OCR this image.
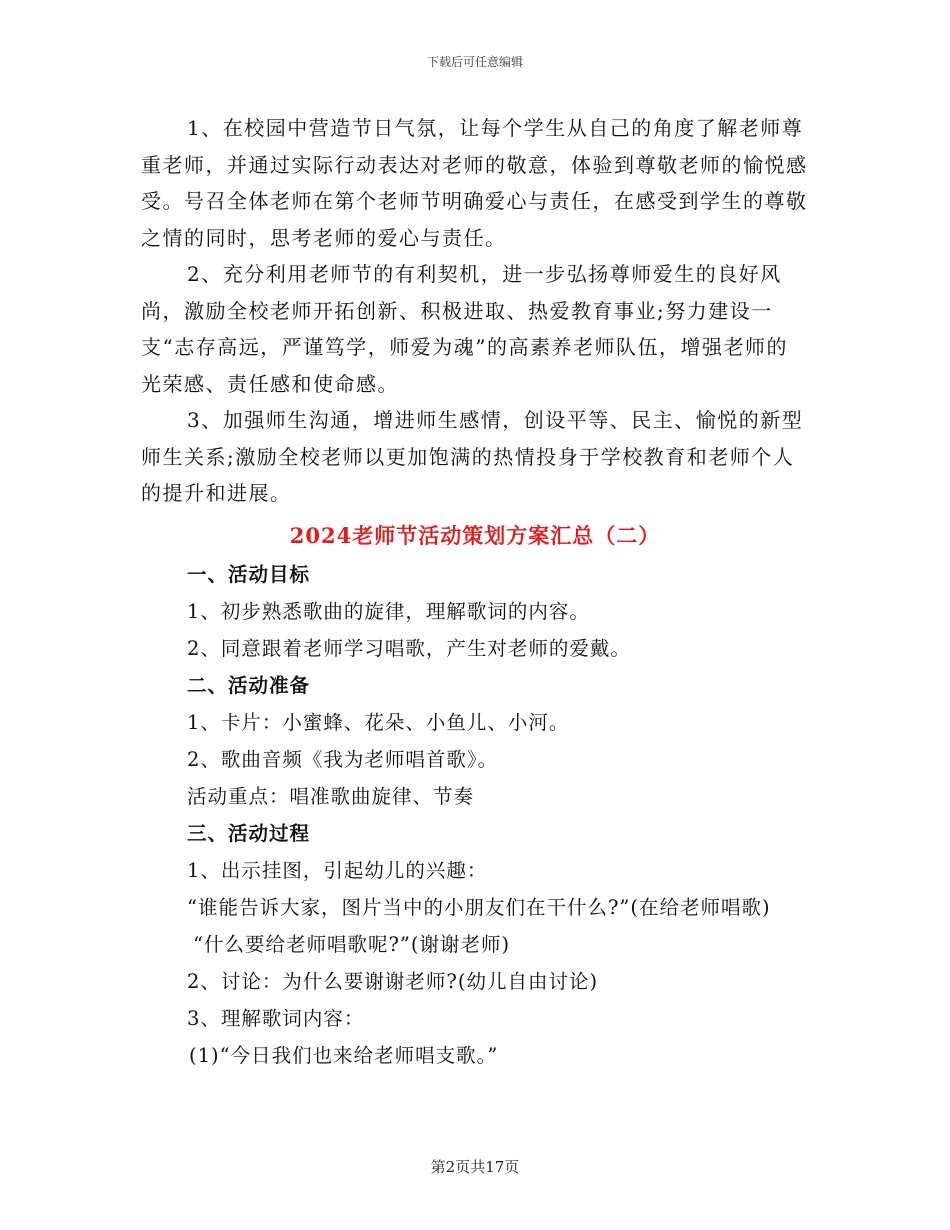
下载后可任意编辑

1、在校园中营造节日气氛，让每个学生从自己的角度了解老师尊重老师，并通过实际行动表达对老师的敬意，体验到尊敬老师的愉悦感受。号召全体老师在第个老师节明确爱心与责任，在感受到学生的尊敬之情的同时，思考老师的爱心与责任。

2、充分利用老师节的有利契机，进一步弘扬尊师爱生的良好风尚，激励全校老师开拓创新、积极进取、热爱教育事业;努力建设一支“志存高远，严谨笃学，师爱为魂”的高素养老师队伍，增强老师的光荣感、责任感和使命感。

3、加强师生沟通，增进师生感情，创设平等、民主、愉悦的新型师生关系;激励全校老师以更加饱满的热情投身于学校教育和老师个人的提升和进展。

2024老师节活动策划方案汇总（二）

一、活动目标

1、初步熟悉歌曲的旋律，理解歌词的内容。

2、同意跟着老师学习唱歌，产生对老师的爱戴。

二、活动准备

1、卡片：小蜜蜂、花朵、小鱼儿、小河。

2、歌曲音频《我为老师唱首歌》。

活动重点：唱准歌曲旋律、节奏

三、活动过程

1、出示挂图，引起幼儿的兴趣：

“谁能告诉大家，图片当中的小朋友们在干什么?”(在给老师唱歌)

“什么要给老师唱歌呢?”(谢谢老师)

2、讨论：为什么要谢谢老师?(幼儿自由讨论)

3、理解歌词内容：

(1)“今日我们也来给老师唱支歌。”

第2页共17页
